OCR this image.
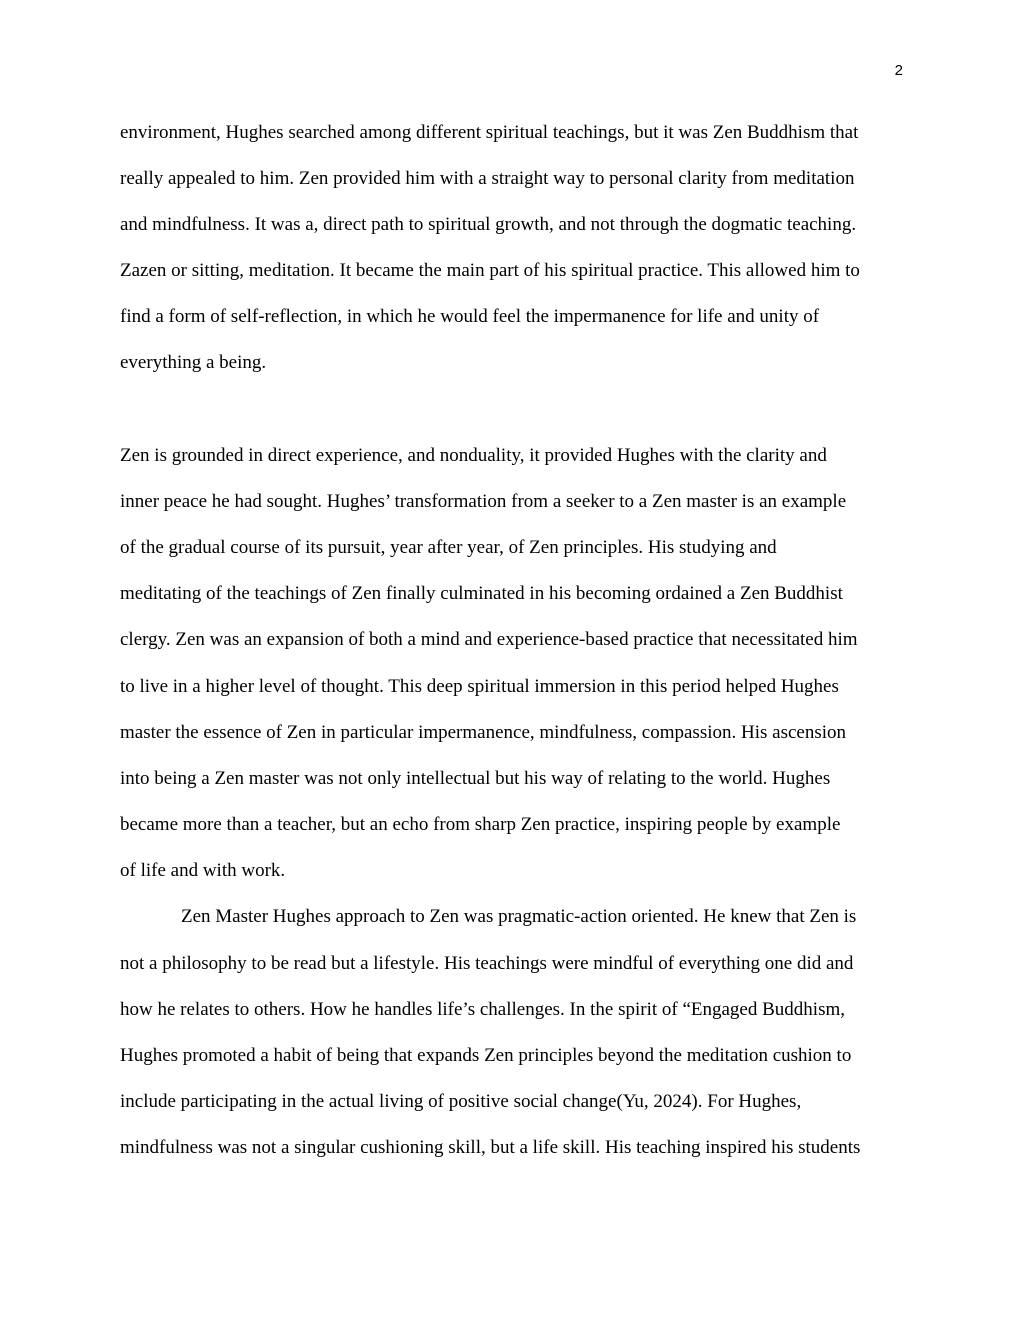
2
environment, Hughes searched among different spiritual teachings, but it was Zen Buddhism that
really appealed to him. Zen provided him with a straight way to personal clarity from meditation
and mindfulness. It was a, direct path to spiritual growth, and not through the dogmatic teaching.
Zazen or sitting, meditation. It became the main part of his spiritual practice. This allowed him to
find a form of self-reflection, in which he would feel the impermanence for life and unity of
everything a being.
Zen is grounded in direct experience, and nonduality, it provided Hughes with the clarity and
inner peace he had sought. Hughes’ transformation from a seeker to a Zen master is an example
of the gradual course of its pursuit, year after year, of Zen principles. His studying and
meditating of the teachings of Zen finally culminated in his becoming ordained a Zen Buddhist
clergy. Zen was an expansion of both a mind and experience-based practice that necessitated him
to live in a higher level of thought. This deep spiritual immersion in this period helped Hughes
master the essence of Zen in particular impermanence, mindfulness, compassion. His ascension
into being a Zen master was not only intellectual but his way of relating to the world. Hughes
became more than a teacher, but an echo from sharp Zen practice, inspiring people by example
of life and with work.
Zen Master Hughes approach to Zen was pragmatic-action oriented. He knew that Zen is
not a philosophy to be read but a lifestyle. His teachings were mindful of everything one did and
how he relates to others. How he handles life’s challenges. In the spirit of “Engaged Buddhism,
Hughes promoted a habit of being that expands Zen principles beyond the meditation cushion to
include participating in the actual living of positive social change(Yu, 2024). For Hughes,
mindfulness was not a singular cushioning skill, but a life skill. His teaching inspired his students
